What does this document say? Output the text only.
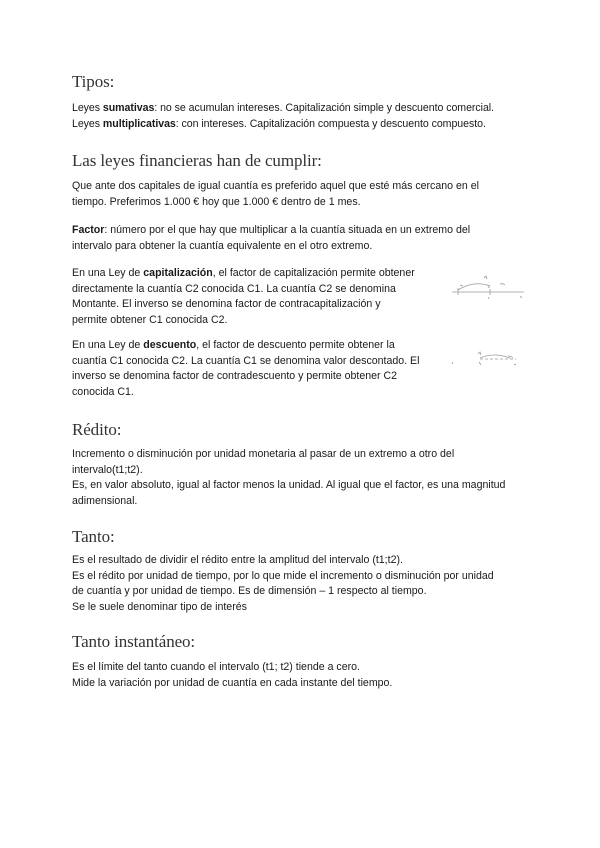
Tipos:
Leyes sumativas: no se acumulan intereses. Capitalización simple y descuento comercial.
Leyes multiplicativas: con intereses. Capitalización compuesta y descuento compuesto.
Las leyes financieras han de cumplir:
Que ante dos capitales de igual cuantía es preferido aquel que esté más cercano en el
tiempo. Preferimos 1.000 € hoy que 1.000 € dentro de 1 mes.
Factor: número por el que hay que multiplicar a la cuantía situada en un extremo del
intervalo para obtener la cuantía equivalente en el otro extremo.
En una Ley de capitalización, el factor de capitalización permite obtener
directamente la cuantía C2 conocida C1. La cuantía C2 se denomina
Montante. El inverso se denomina factor de contracapitalización y
permite obtener C1 conocida C2.
En una Ley de descuento, el factor de descuento permite obtener la
cuantía C1 conocida C2. La cuantía C1 se denomina valor descontado. El
inverso se denomina factor de contradescuento y permite obtener C2
conocida C1.
Rédito:
Incremento o disminución por unidad monetaria al pasar de un extremo a otro del
intervalo(t1;t2).
Es, en valor absoluto, igual al factor menos la unidad. Al igual que el factor, es una magnitud
adimensional.
Tanto:
Es el resultado de dividir el rédito entre la amplitud del intervalo (t1;t2).
Es el rédito por unidad de tiempo, por lo que mide el incremento o disminución por unidad
de cuantía y por unidad de tiempo. Es de dimensión – 1 respecto al tiempo.
Se le suele denominar tipo de interés
Tanto instantáneo:
Es el límite del tanto cuando el intervalo (t1; t2) tiende a cero.
Mide la variación por unidad de cuantía en cada instante del tiempo.
